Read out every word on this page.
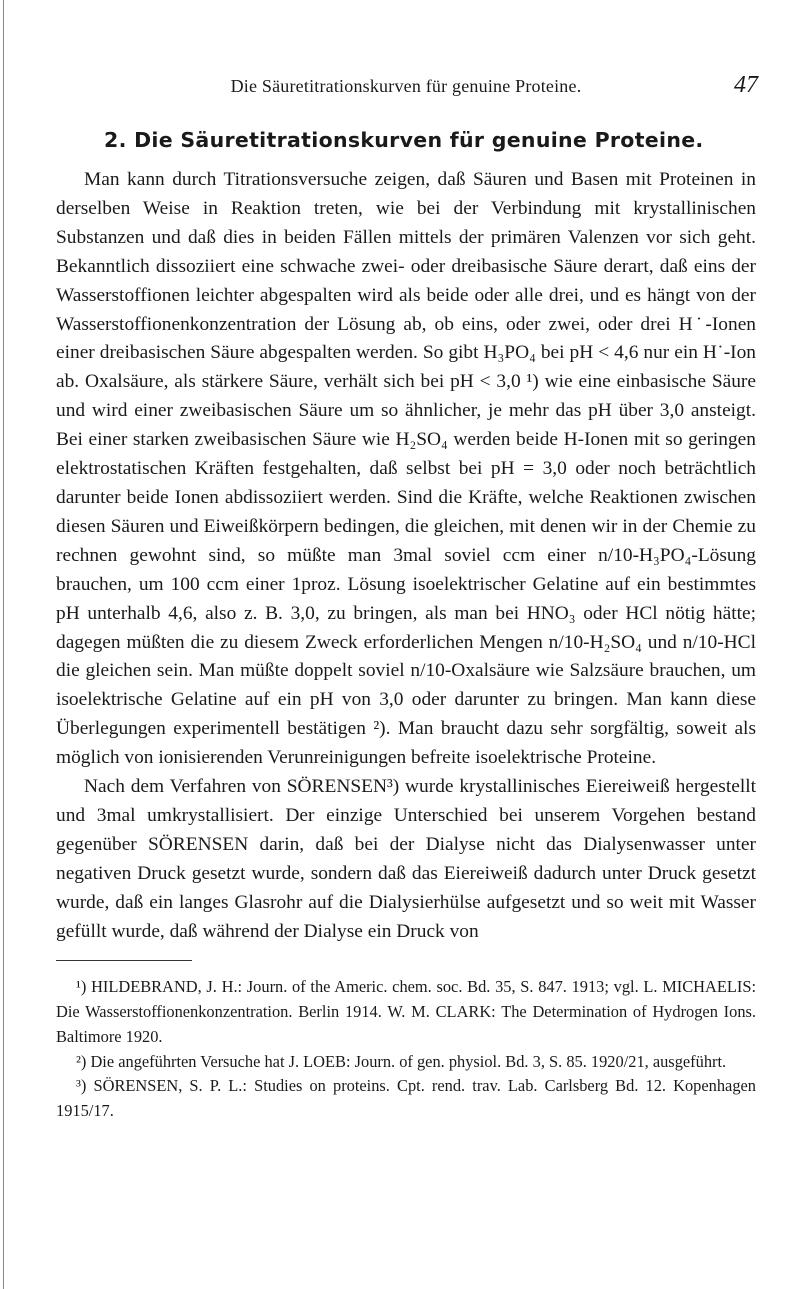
Die Säuretitrationskurven für genuine Proteine.	47
2. Die Säuretitrationskurven für genuine Proteine.

Man kann durch Titrationsversuche zeigen, daß Säuren und Basen mit Proteinen in derselben Weise in Reaktion treten, wie bei der Verbindung mit krystallinischen Substanzen und daß dies in beiden Fällen mittels der primären Valenzen vor sich geht. Bekanntlich dissoziiert eine schwache zwei- oder dreibasische Säure derart, daß eins der Wasserstoffionen leichter abgespalten wird als beide oder alle drei, und es hängt von der Wasserstoffionenkonzentration der Lösung ab, ob eins, oder zwei, oder drei H˙-Ionen einer dreibasischen Säure abgespalten werden. So gibt H₃PO₄ bei pH < 4,6 nur ein H˙-Ion ab. Oxalsäure, als stärkere Säure, verhält sich bei pH < 3,0 ¹) wie eine einbasische Säure und wird einer zweibasischen Säure um so ähnlicher, je mehr das pH über 3,0 ansteigt. Bei einer starken zweibasischen Säure wie H₂SO₄ werden beide H-Ionen mit so geringen elektrostatischen Kräften festgehalten, daß selbst bei pH = 3,0 oder noch beträchtlich darunter beide Ionen abdissoziiert werden. Sind die Kräfte, welche Reaktionen zwischen diesen Säuren und Eiweißkörpern bedingen, die gleichen, mit denen wir in der Chemie zu rechnen gewohnt sind, so müßte man 3mal soviel ccm einer n/10-H₃PO₄-Lösung brauchen, um 100 ccm einer 1proz. Lösung isoelektrischer Gelatine auf ein bestimmtes pH unterhalb 4,6, also z. B. 3,0, zu bringen, als man bei HNO₃ oder HCl nötig hätte; dagegen müßten die zu diesem Zweck erforderlichen Mengen n/10-H₂SO₄ und n/10-HCl die gleichen sein. Man müßte doppelt soviel n/10-Oxalsäure wie Salzsäure brauchen, um isoelektrische Gelatine auf ein pH von 3,0 oder darunter zu bringen. Man kann diese Überlegungen experimentell bestätigen ²). Man braucht dazu sehr sorgfältig, soweit als möglich von ionisierenden Verunreinigungen befreite isoelektrische Proteine.

Nach dem Verfahren von SÖRENSEN³) wurde krystallinisches Eiereiweiß hergestellt und 3mal umkrystallisiert. Der einzige Unterschied bei unserem Vorgehen bestand gegenüber SÖRENSEN darin, daß bei der Dialyse nicht das Dialysenwasser unter negativen Druck gesetzt wurde, sondern daß das Eiereiweiß dadurch unter Druck gesetzt wurde, daß ein langes Glasrohr auf die Dialysierhülse aufgesetzt und so weit mit Wasser gefüllt wurde, daß während der Dialyse ein Druck von

¹) HILDEBRAND, J. H.: Journ. of the Americ. chem. soc. Bd. 35, S. 847. 1913; vgl. L. MICHAELIS: Die Wasserstoffionenkonzentration. Berlin 1914. W. M. CLARK: The Determination of Hydrogen Ions. Baltimore 1920.

²) Die angeführten Versuche hat J. LOEB: Journ. of gen. physiol. Bd. 3, S. 85. 1920/21, ausgeführt.

³) SÖRENSEN, S. P. L.: Studies on proteins. Cpt. rend. trav. Lab. Carlsberg Bd. 12. Kopenhagen 1915/17.
